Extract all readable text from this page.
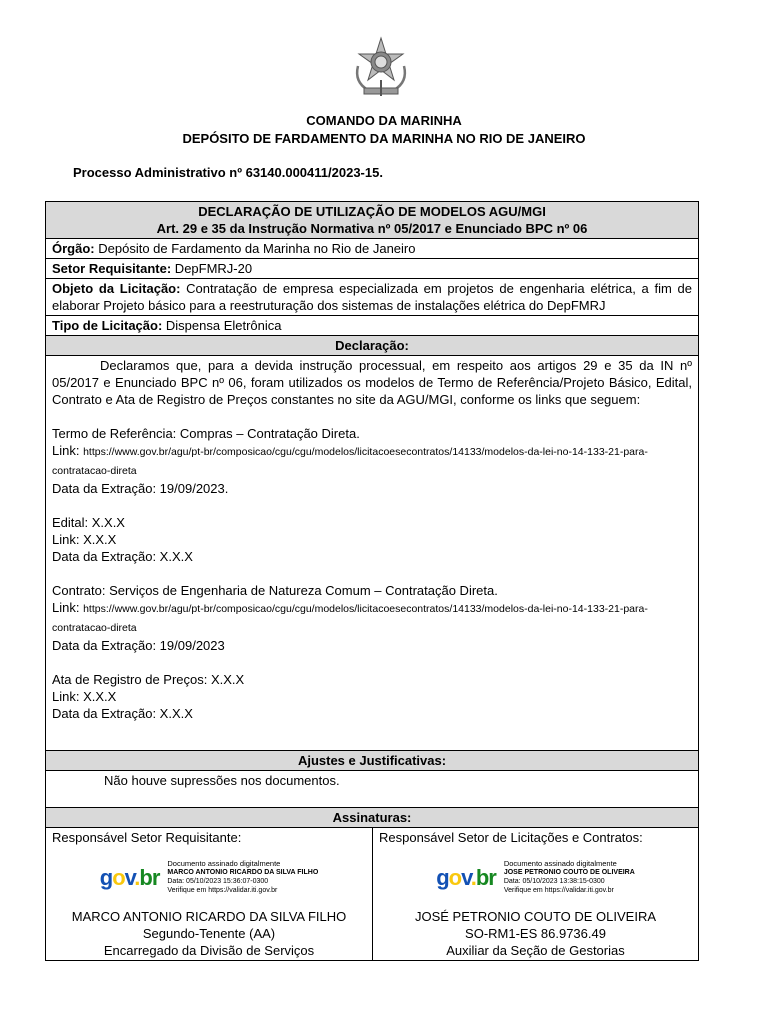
COMANDO DA MARINHA
DEPÓSITO DE FARDAMENTO DA MARINHA NO RIO DE JANEIRO
Processo Administrativo nº 63140.000411/2023-15.
DECLARAÇÃO DE UTILIZAÇÃO DE MODELOS AGU/MGI
Art. 29 e 35 da Instrução Normativa nº 05/2017 e Enunciado BPC nº 06

Órgão: Depósito de Fardamento da Marinha no Rio de Janeiro
Setor Requisitante: DepFMRJ-20
Objeto da Licitação: Contratação de empresa especializada em projetos de engenharia elétrica, a fim de elaborar Projeto básico para a reestruturação dos sistemas de instalações elétrica do DepFMRJ
Tipo de Licitação: Dispensa Eletrônica
Declaração:

Declaramos que, para a devida instrução processual, em respeito aos artigos 29 e 35 da IN nº 05/2017 e Enunciado BPC nº 06, foram utilizados os modelos de Termo de Referência/Projeto Básico, Edital, Contrato e Ata de Registro de Preços constantes no site da AGU/MGI, conforme os links que seguem:
Termo de Referência: Compras – Contratação Direta.
Link: https://www.gov.br/agu/pt-br/composicao/cgu/cgu/modelos/licitacoesecontratos/14133/modelos-da-lei-no-14-133-21-para-contratacao-direta
Data da Extração: 19/09/2023.
Edital: X.X.X
Link: X.X.X
Data da Extração: X.X.X
Contrato: Serviços de Engenharia de Natureza Comum – Contratação Direta.
Link: https://www.gov.br/agu/pt-br/composicao/cgu/cgu/modelos/licitacoesecontratos/14133/modelos-da-lei-no-14-133-21-para-contratacao-direta
Data da Extração: 19/09/2023
Ata de Registro de Preços: X.X.X
Link: X.X.X
Data da Extração: X.X.X

Ajustes e Justificativas:
Não houve supressões nos documentos.
Assinaturas:

Responsável Setor Requisitante:
gov.br
Documento assinado digitalmente
MARCO ANTONIO RICARDO DA SILVA FILHO
Data: 05/10/2023 15:36:07-0300
Verifique em https://validar.iti.gov.br
MARCO ANTONIO RICARDO DA SILVA FILHO
Segundo-Tenente (AA)
Encarregado da Divisão de Serviços

Responsável Setor de Licitações e Contratos:
gov.br
Documento assinado digitalmente
JOSE PETRONIO COUTO DE OLIVEIRA
Data: 05/10/2023 13:38:15-0300
Verifique em https://validar.iti.gov.br
JOSÉ PETRONIO COUTO DE OLIVEIRA
SO-RM1-ES 86.9736.49
Auxiliar da Seção de Gestorias
